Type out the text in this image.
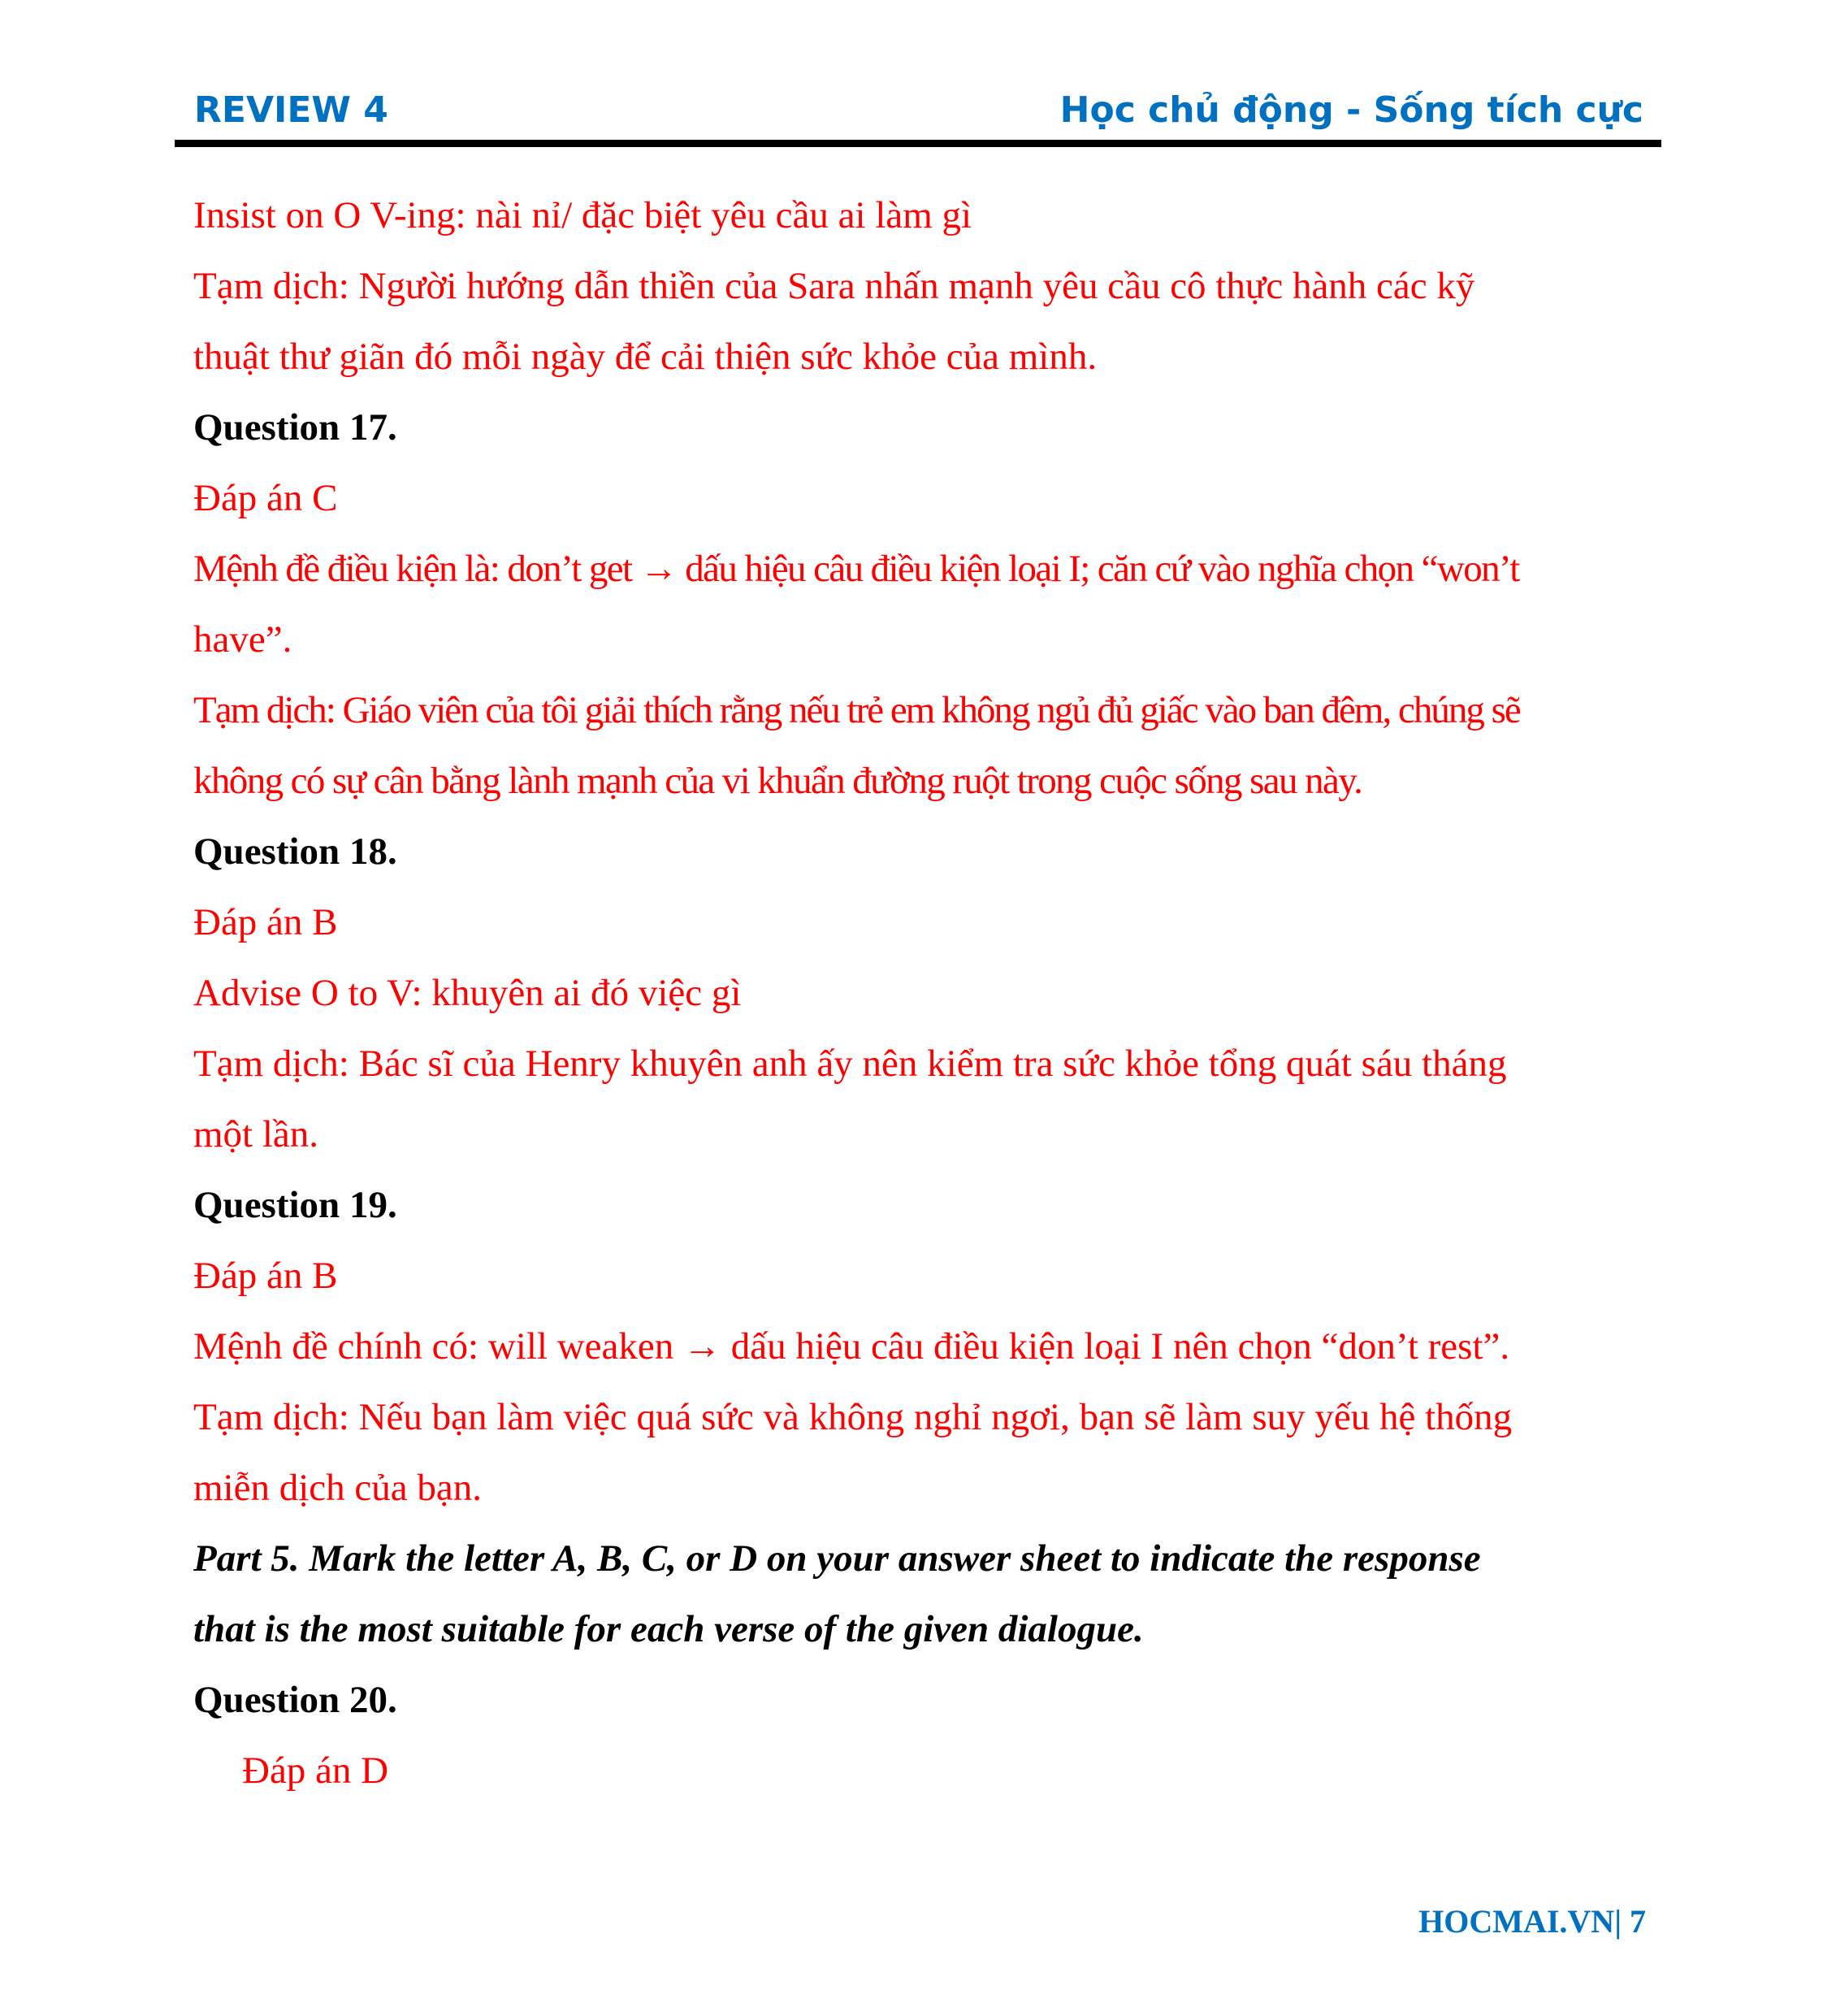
REVIEW 4	Học chủ động - Sống tích cực
Insist on O V-ing: nài nỉ/ đặc biệt yêu cầu ai làm gì
Tạm dịch: Người hướng dẫn thiền của Sara nhấn mạnh yêu cầu cô thực hành các kỹ
thuật thư giãn đó mỗi ngày để cải thiện sức khỏe của mình.
Question 17.
Đáp án C
Mệnh đề điều kiện là: don’t get → dấu hiệu câu điều kiện loại I; căn cứ vào nghĩa chọn “won’t
have”.
Tạm dịch: Giáo viên của tôi giải thích rằng nếu trẻ em không ngủ đủ giấc vào ban đêm, chúng sẽ
không có sự cân bằng lành mạnh của vi khuẩn đường ruột trong cuộc sống sau này.
Question 18.
Đáp án B
Advise O to V: khuyên ai đó việc gì
Tạm dịch: Bác sĩ của Henry khuyên anh ấy nên kiểm tra sức khỏe tổng quát sáu tháng
một lần.
Question 19.
Đáp án B
Mệnh đề chính có: will weaken → dấu hiệu câu điều kiện loại I nên chọn “don’t rest”.
Tạm dịch: Nếu bạn làm việc quá sức và không nghỉ ngơi, bạn sẽ làm suy yếu hệ thống
miễn dịch của bạn.
Part 5. Mark the letter A, B, C, or D on your answer sheet to indicate the response
that is the most suitable for each verse of the given dialogue.
Question 20.
Đáp án D
HOCMAI.VN| 7
